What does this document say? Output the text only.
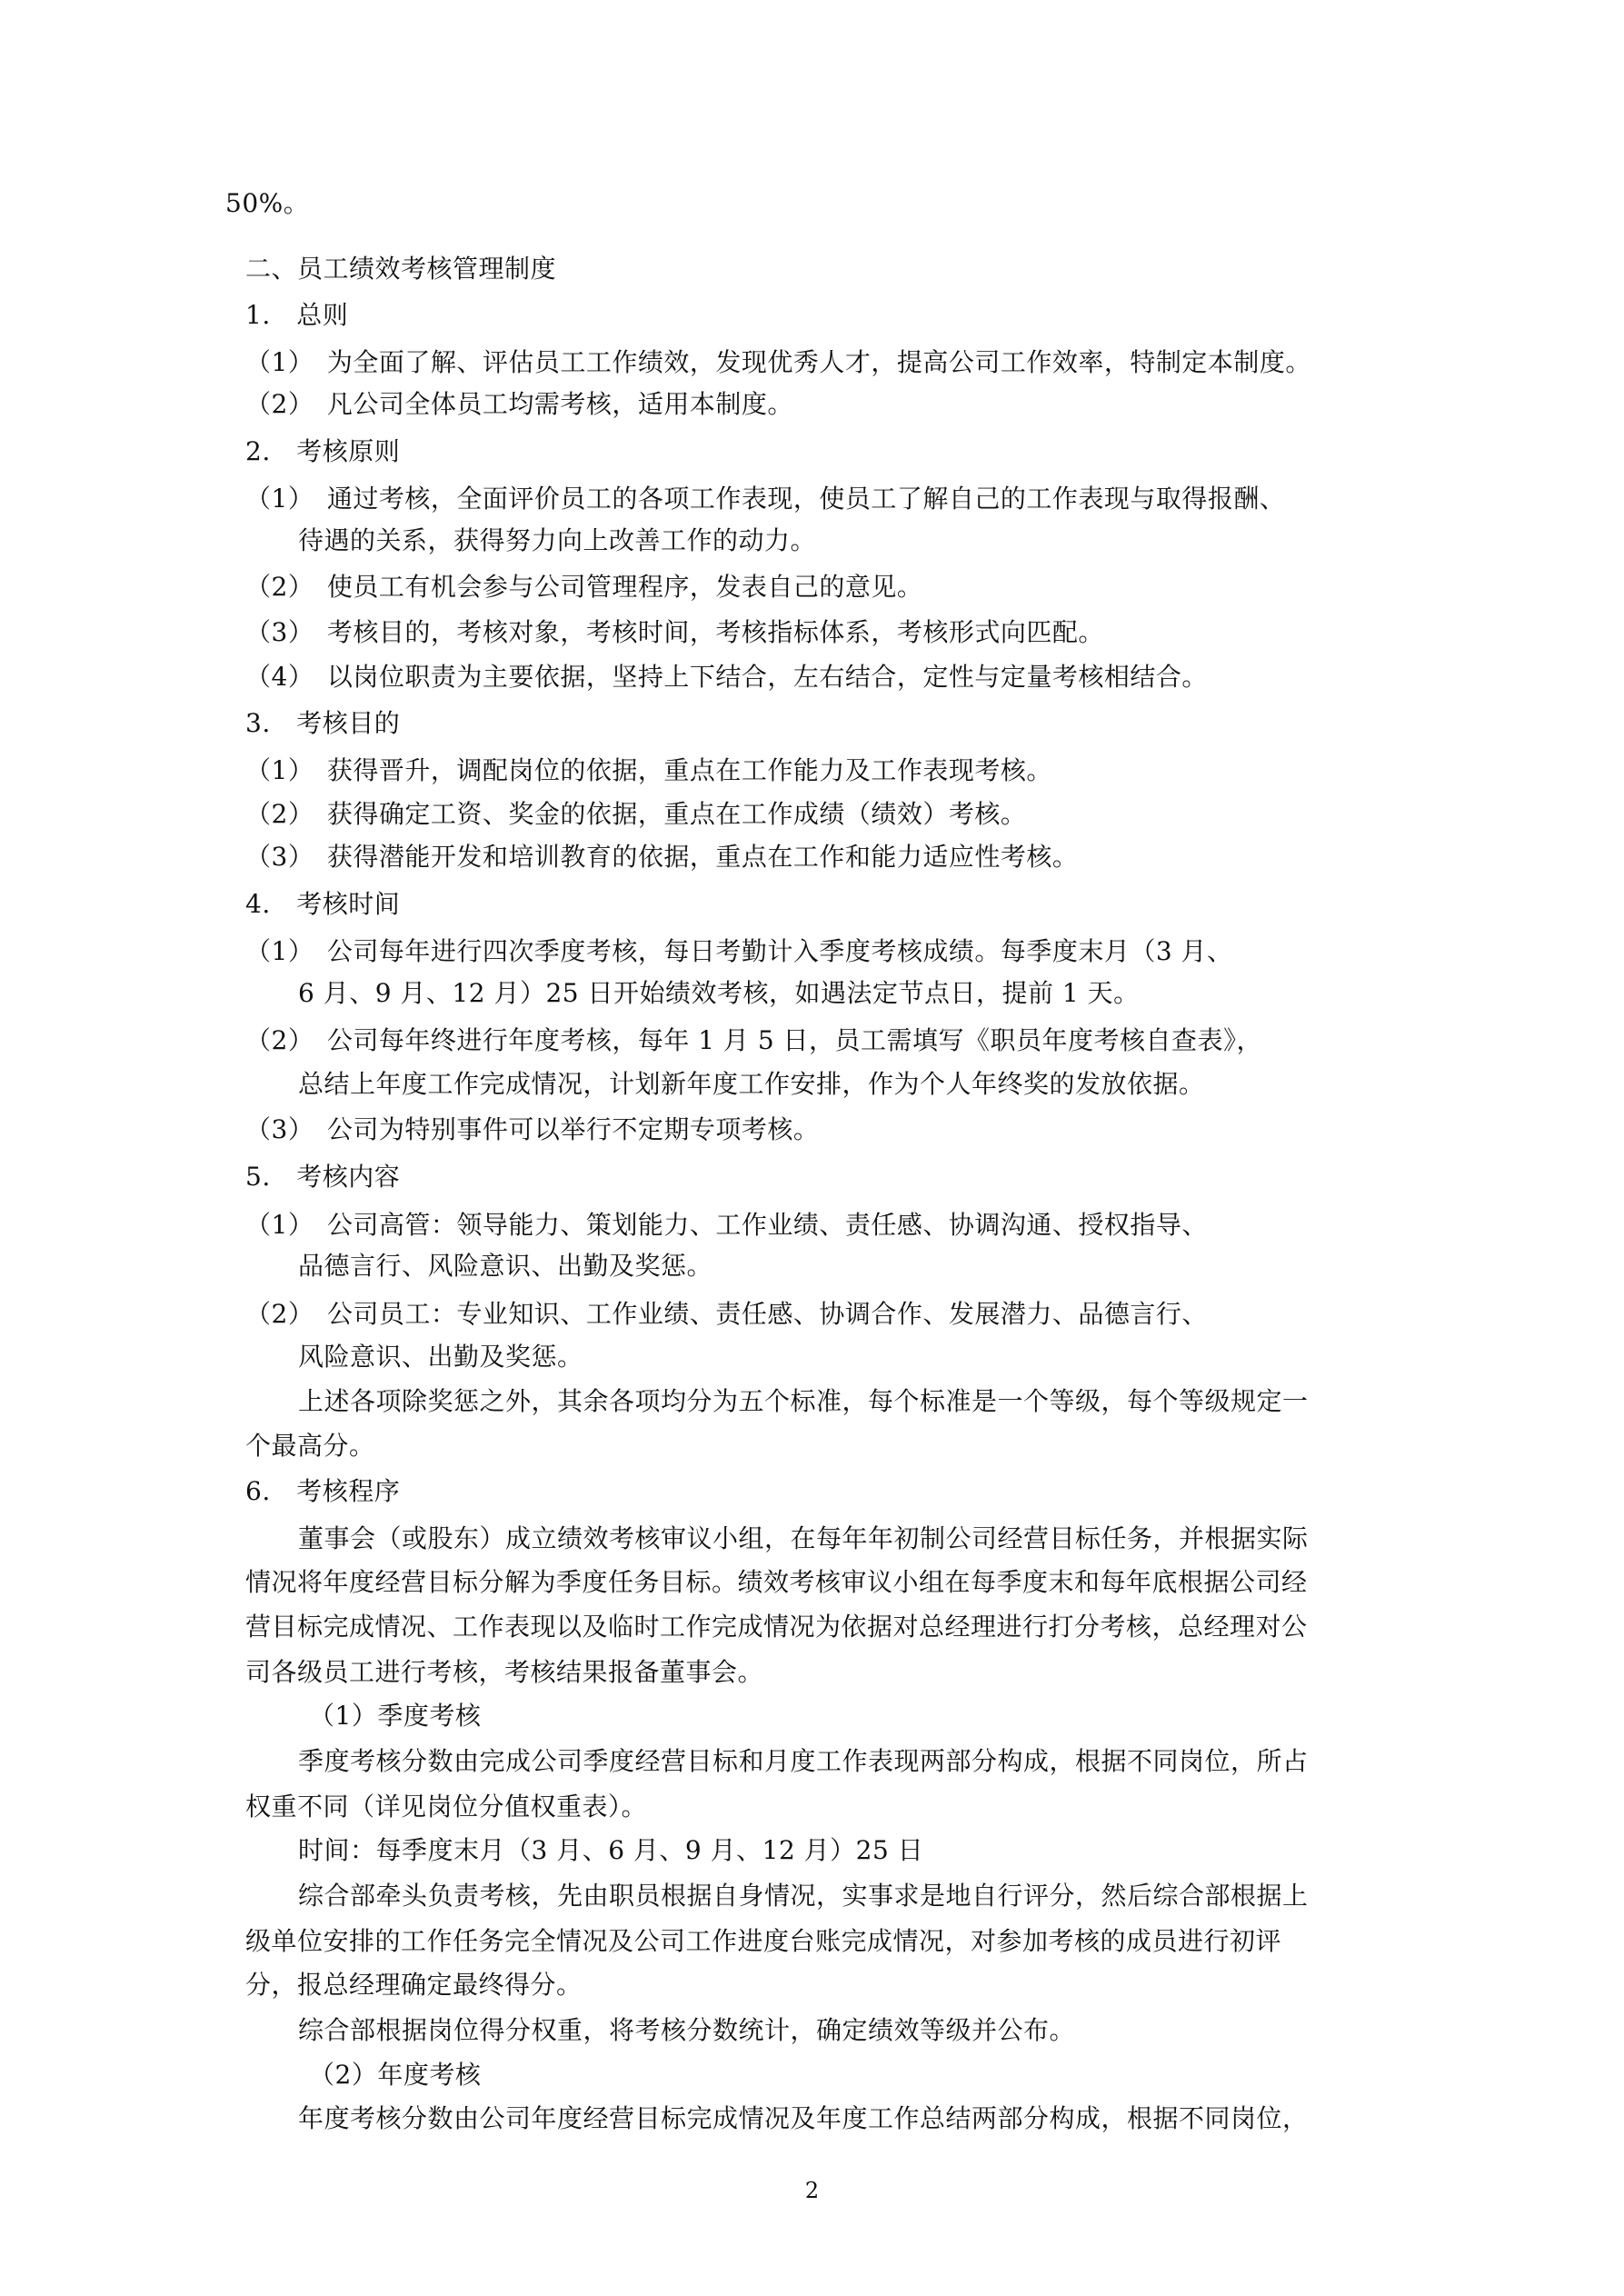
50%。
二、员工绩效考核管理制度
1.　总则
（1）　为全面了解、评估员工工作绩效，发现优秀人才，提高公司工作效率，特制定本制度。
（2）　凡公司全体员工均需考核，适用本制度。
2.　考核原则
（1）　通过考核，全面评价员工的各项工作表现，使员工了解自己的工作表现与取得报酬、
待遇的关系，获得努力向上改善工作的动力。
（2）　使员工有机会参与公司管理程序，发表自己的意见。
（3）　考核目的，考核对象，考核时间，考核指标体系，考核形式向匹配。
（4）　以岗位职责为主要依据，坚持上下结合，左右结合，定性与定量考核相结合。
3.　考核目的
（1）　获得晋升，调配岗位的依据，重点在工作能力及工作表现考核。
（2）　获得确定工资、奖金的依据，重点在工作成绩（绩效）考核。
（3）　获得潜能开发和培训教育的依据，重点在工作和能力适应性考核。
4.　考核时间
（1）　公司每年进行四次季度考核，每日考勤计入季度考核成绩。每季度末月（3 月、
6 月、9 月、12 月）25 日开始绩效考核，如遇法定节点日，提前 1 天。
（2）　公司每年终进行年度考核，每年 1 月 5 日，员工需填写《职员年度考核自查表》，
总结上年度工作完成情况，计划新年度工作安排，作为个人年终奖的发放依据。
（3）　公司为特别事件可以举行不定期专项考核。
5.　考核内容
（1）　公司高管：领导能力、策划能力、工作业绩、责任感、协调沟通、授权指导、
品德言行、风险意识、出勤及奖惩。
（2）　公司员工：专业知识、工作业绩、责任感、协调合作、发展潜力、品德言行、
风险意识、出勤及奖惩。
上述各项除奖惩之外，其余各项均分为五个标准，每个标准是一个等级，每个等级规定一
个最高分。
6.　考核程序
董事会（或股东）成立绩效考核审议小组，在每年年初制公司经营目标任务，并根据实际
情况将年度经营目标分解为季度任务目标。绩效考核审议小组在每季度末和每年底根据公司经
营目标完成情况、工作表现以及临时工作完成情况为依据对总经理进行打分考核，总经理对公
司各级员工进行考核，考核结果报备董事会。
（1）季度考核
季度考核分数由完成公司季度经营目标和月度工作表现两部分构成，根据不同岗位，所占
权重不同（详见岗位分值权重表）。
时间：每季度末月（3 月、6 月、9 月、12 月）25 日
综合部牵头负责考核，先由职员根据自身情况，实事求是地自行评分，然后综合部根据上
级单位安排的工作任务完全情况及公司工作进度台账完成情况，对参加考核的成员进行初评
分，报总经理确定最终得分。
综合部根据岗位得分权重，将考核分数统计，确定绩效等级并公布。
（2）年度考核
年度考核分数由公司年度经营目标完成情况及年度工作总结两部分构成，根据不同岗位，
2
